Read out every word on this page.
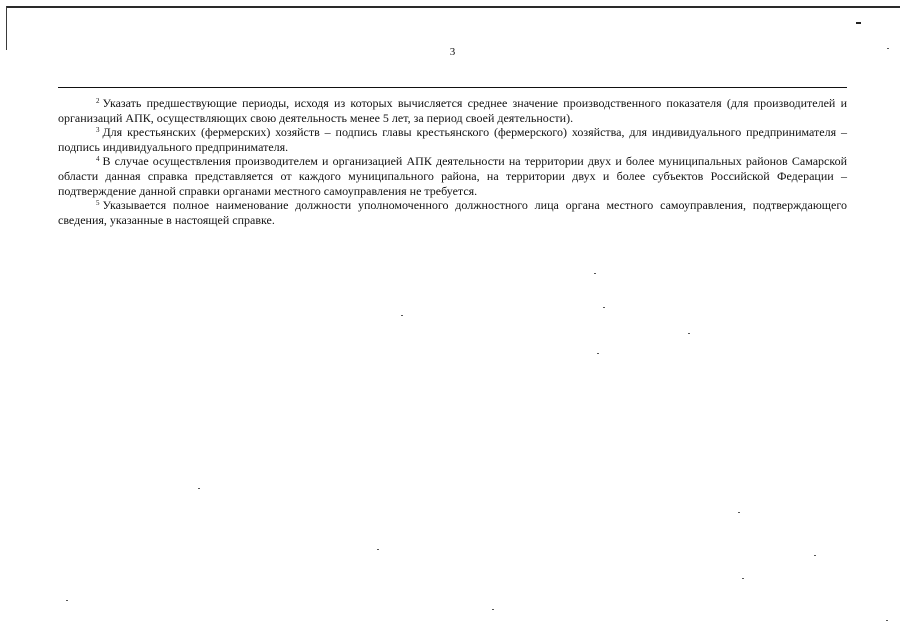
3

$^2$ Указать предшествующие периоды, исходя из которых вычисляется среднее значение производственного показателя (для производителей и организаций АПК, осуществляющих свою деятельность менее 5 лет, за период своей деятельности).

$^3$ Для крестьянских (фермерских) хозяйств – подпись главы крестьянского (фермерского) хозяйства, для индивидуального предпринимателя – подпись индивидуального предпринимателя.

$^4$ В случае осуществления производителем и организацией АПК деятельности на территории двух и более муниципальных районов Самарской области данная справка представляется от каждого муниципального района, на территории двух и более субъектов Российской Федерации – подтверждение данной справки органами местного самоуправления не требуется.

$^5$ Указывается полное наименование должности уполномоченного должностного лица органа местного самоуправления, подтверждающего сведения, указанные в настоящей справке.
